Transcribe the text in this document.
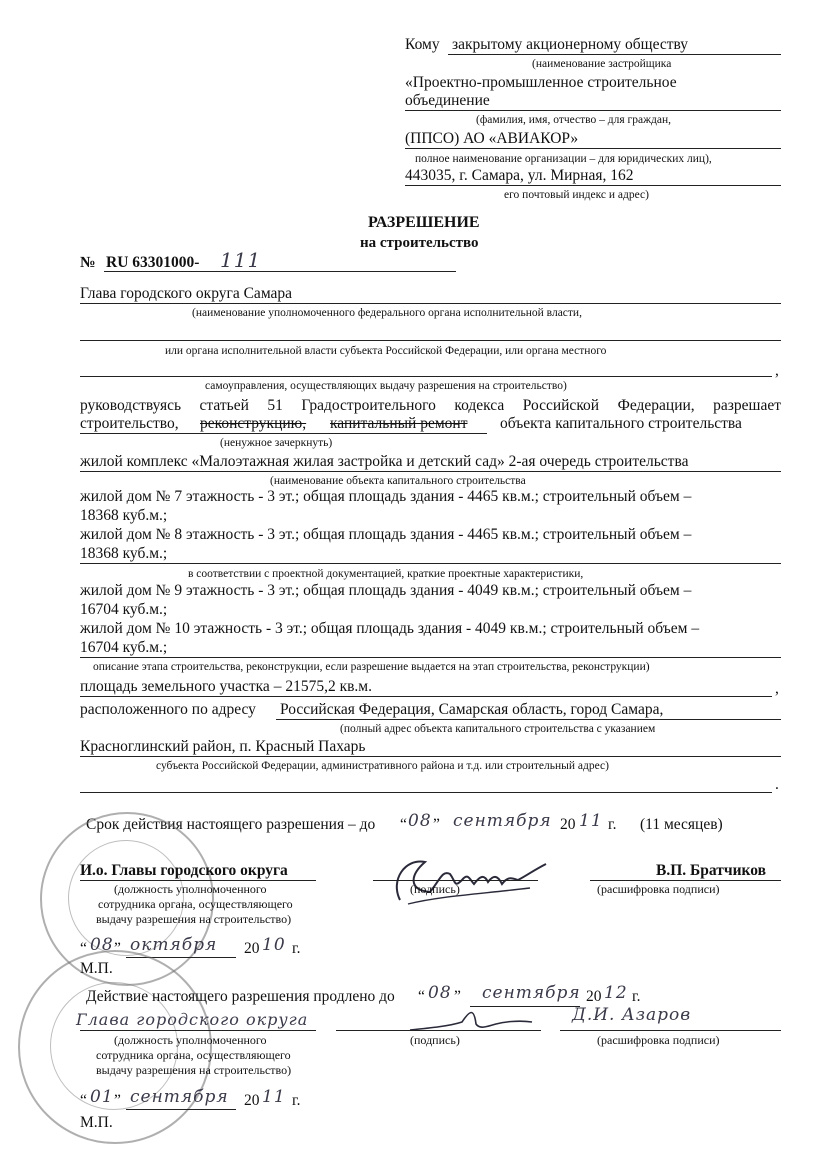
Кому закрытому акционерному обществу
(наименование застройщика
«Проектно-промышленное строительное
объединение
(фамилия, имя, отчество – для граждан,
(ППСО) АО «АВИАКОР»
полное наименование организации – для юридических лиц),
443035, г. Самара, ул. Мирная, 162
его почтовый индекс и адрес)
РАЗРЕШЕНИЕ
на строительство
№ RU 63301000- 111
Глава городского округа Самара
(наименование уполномоченного федерального органа исполнительной власти,
или органа исполнительной власти субъекта Российской Федерации, или органа местного
,
самоуправления, осуществляющих выдачу разрешения на строительство)
руководствуясь статьей 51 Градостроительного кодекса Российской Федерации, разрешает
строительство, реконструкцию, капитальный ремонт объекта капитального строительства
(ненужное зачеркнуть)
жилой комплекс «Малоэтажная жилая застройка и детский сад» 2-ая очередь строительства
(наименование объекта капитального строительства
жилой дом № 7 этажность - 3 эт.; общая площадь здания - 4465 кв.м.; строительный объем –
18368 куб.м.;
жилой дом № 8 этажность - 3 эт.; общая площадь здания - 4465 кв.м.; строительный объем –
18368 куб.м.;
в соответствии с проектной документацией, краткие проектные характеристики,
жилой дом № 9 этажность - 3 эт.; общая площадь здания - 4049 кв.м.; строительный объем –
16704 куб.м.;
жилой дом № 10 этажность - 3 эт.; общая площадь здания - 4049 кв.м.; строительный объем –
16704 куб.м.;
описание этапа строительства, реконструкции, если разрешение выдается на этап строительства, реконструкции)
площадь земельного участка – 21575,2 кв.м.	,
расположенного по адресу Российская Федерация, Самарская область, город Самара,
(полный адрес объекта капитального строительства с указанием
Красноглинский район, п. Красный Пахарь
субъекта Российской Федерации, административного района и т.д. или строительный адрес)
.
Срок действия настоящего разрешения – до “ 08 ” сентября 20 11 г. (11 месяцев)
И.о. Главы городского округа
(должность уполномоченного
сотрудника органа, осуществляющего
выдачу разрешения на строительство)
(подпись)
В.П. Братчиков
(расшифровка подписи)
“ 08 ” октября 20 10 г.
М.П.
Действие настоящего разрешения продлено до “ 08 ” сентября 20 12 г.
Глава городского округа
(должность уполномоченного
сотрудника органа, осуществляющего
выдачу разрешения на строительство)
(подпись)
Д.И. Азаров
(расшифровка подписи)
“ 01 ” сентября 20 11 г.
М.П.
